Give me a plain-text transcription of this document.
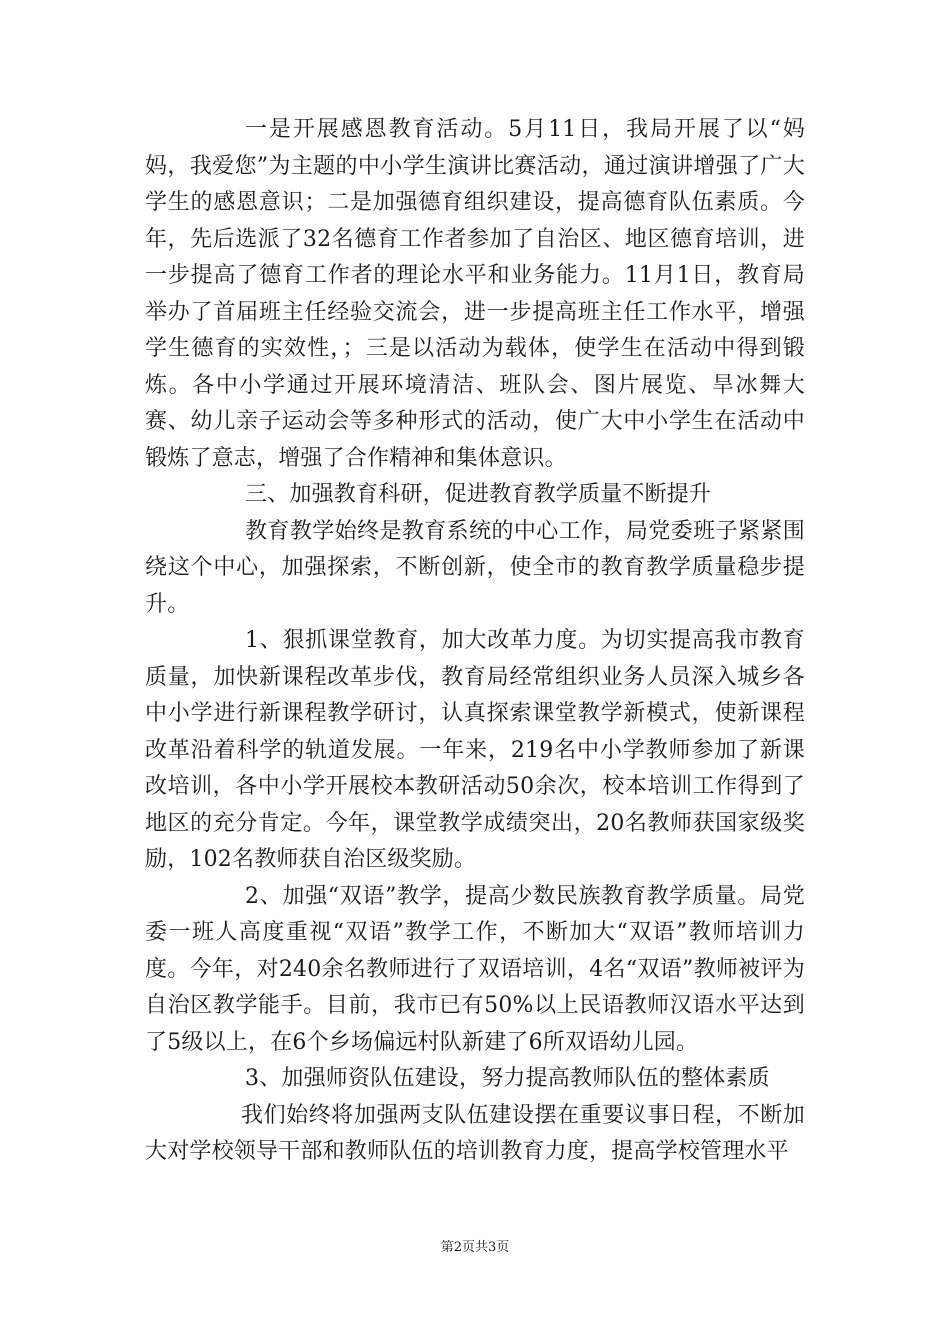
一是开展感恩教育活动。5月11日，我局开展了以“妈妈，我爱您”为主题的中小学生演讲比赛活动，通过演讲增强了广大学生的感恩意识；二是加强德育组织建设，提高德育队伍素质。今年，先后选派了32名德育工作者参加了自治区、地区德育培训，进一步提高了德育工作者的理论水平和业务能力。11月1日，教育局举办了首届班主任经验交流会，进一步提高班主任工作水平，增强学生德育的实效性，；三是以活动为载体，使学生在活动中得到锻炼。各中小学通过开展环境清洁、班队会、图片展览、旱冰舞大赛、幼儿亲子运动会等多种形式的活动，使广大中小学生在活动中锻炼了意志，增强了合作精神和集体意识。

三、加强教育科研，促进教育教学质量不断提升

教育教学始终是教育系统的中心工作，局党委班子紧紧围绕这个中心，加强探索，不断创新，使全市的教育教学质量稳步提升。

1、狠抓课堂教育，加大改革力度。为切实提高我市教育质量，加快新课程改革步伐，教育局经常组织业务人员深入城乡各中小学进行新课程教学研讨，认真探索课堂教学新模式，使新课程改革沿着科学的轨道发展。一年来，219名中小学教师参加了新课改培训，各中小学开展校本教研活动50余次，校本培训工作得到了地区的充分肯定。今年，课堂教学成绩突出，20名教师获国家级奖励，102名教师获自治区级奖励。

2、加强“双语”教学，提高少数民族教育教学质量。局党委一班人高度重视“双语”教学工作，不断加大“双语”教师培训力度。今年，对240余名教师进行了双语培训，4名“双语”教师被评为自治区教学能手。目前，我市已有50%以上民语教师汉语水平达到了5级以上，在6个乡场偏远村队新建了6所双语幼儿园。

3、加强师资队伍建设，努力提高教师队伍的整体素质

我们始终将加强两支队伍建设摆在重要议事日程，不断加大对学校领导干部和教师队伍的培训教育力度，提高学校管理水平

第2页共3页
